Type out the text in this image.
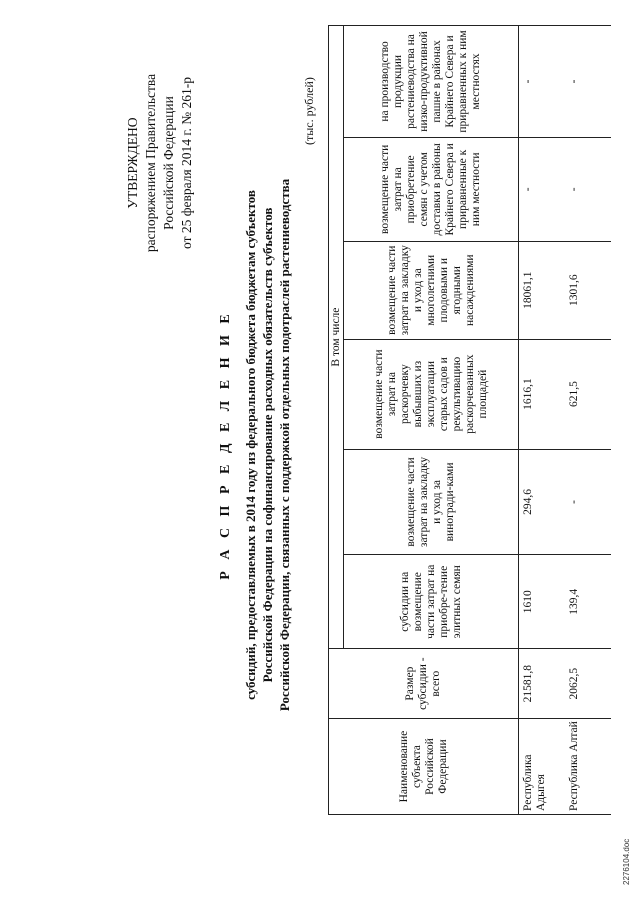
УТВЕРЖДЕНО распоряжением Правительства Российской Федерации от 25 февраля 2014 г. № 261-р
Р А С П Р Е Д Е Л Е Н И Е субсидий, предоставляемых в 2014 году из федерального бюджета бюджетам субъектов Российской Федерации на софинансирование расходных обязательств субъектов Российской Федерации, связанных с поддержкой отдельных подотраслей растениеводства
(тыс. рублей)
Наименование субъекта Российской Федерации	Размер субсидии - всего	В том числе					
		субсидии на возмещение части затрат на приобре-тение элитных семян	возмещение части затрат на закладку и уход за виногради-ками	возмещение части затрат на раскорчевку выбывших из эксплуатации старых садов и рекультивацию раскорчеванных площадей	возмещение части затрат на закладку и уход за многолетними плодовыми и ягодными насаждениями	возмещение части затрат на приобретение семян с учетом доставки в районы Крайнего Севера и приравненные к ним местности	на производство продукции растениеводства на низко-продуктивной пашне в районах Крайнего Севера и приравненных к ним местностях
Республика Адыгея	21581,8	1610	294,6	1616,1	18061,1	-	-
Республика Алтай	2062,5	139,4	-	621,5	1301,6	-	-
2276104.doc
